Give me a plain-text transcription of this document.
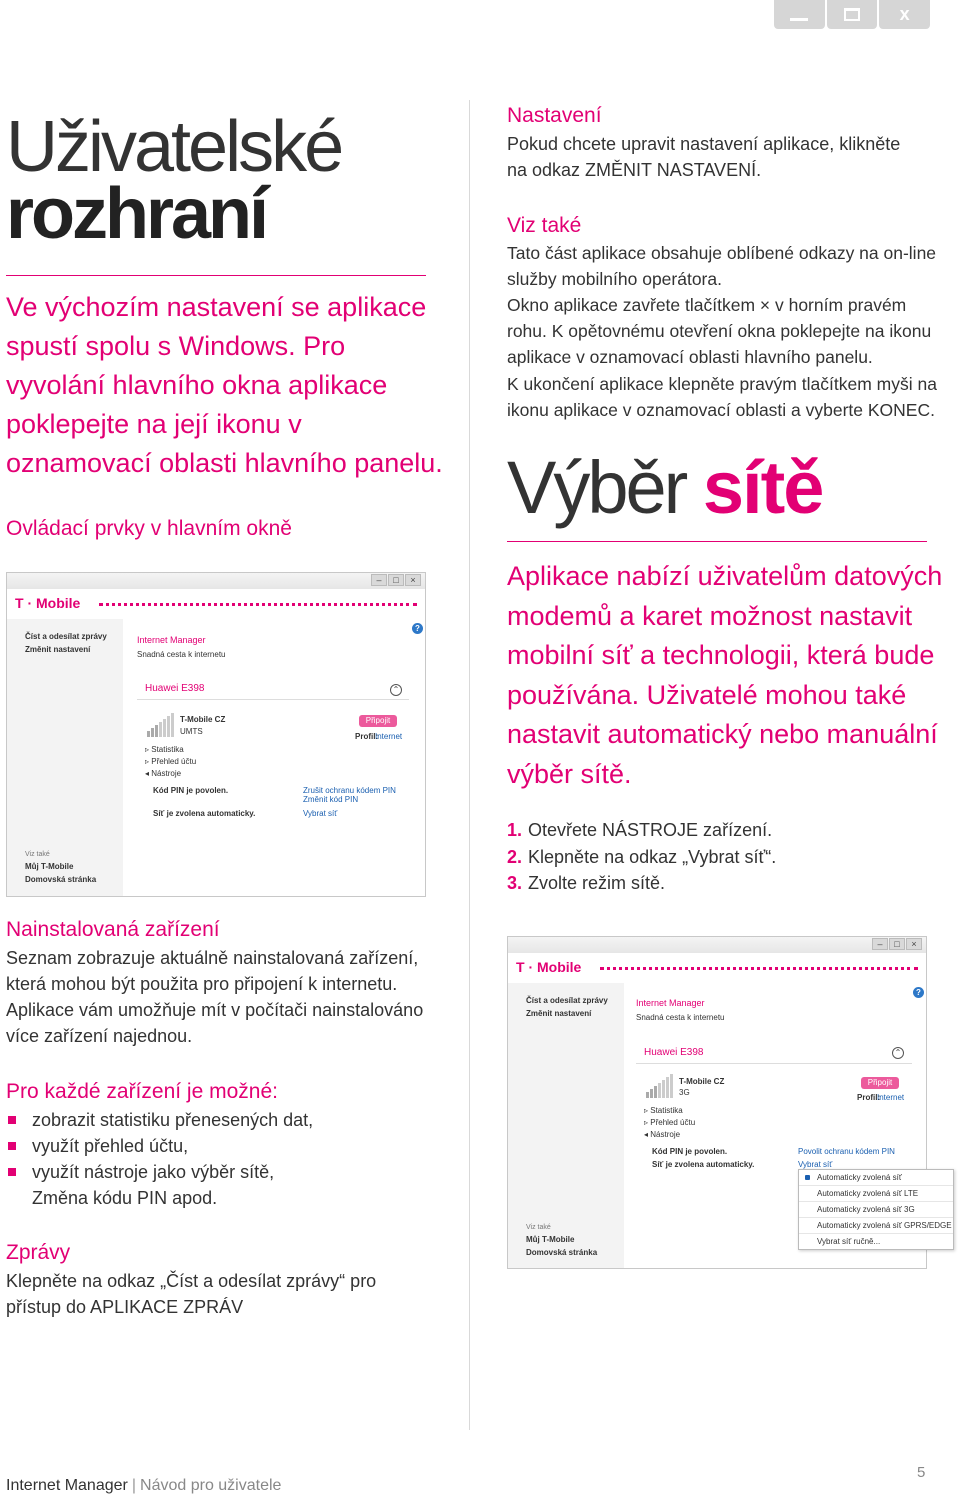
x
Uživatelské
rozhraní
Ve výchozím nastavení se aplikace spustí spolu s Windows. Pro vyvolání hlavního okna aplikace poklepejte na její ikonu v oznamovací oblasti hlavního panelu.
Ovládací prvky v hlavním okně
–	□	×
T · Mobile
Číst a odesílat zprávy
Změnit nastavení
?
Internet Manager
Snadná cesta k internetu
Huawei E398	⌃
T-Mobile CZ
UMTS
Připojit
Profil:
Internet
▹ Statistika
▹ Přehled účtu
◂ Nástroje
Kód PIN je povolen.	Zrušit ochranu kódem PIN
Změnit kód PIN
Síť je zvolena automaticky.	Vybrat síť
Viz také
Můj T-Mobile
Domovská stránka
Nainstalovaná zařízení
Seznam zobrazuje aktuálně nainstalovaná zařízení, která mohou být použita pro připojení k internetu. Aplikace vám umožňuje mít v počítači nainstalováno více zařízení najednou.
Pro každé zařízení je možné:
zobrazit statistiku přenesených dat,
využít přehled účtu,
využít nástroje jako výběr sítě,
Změna kódu PIN apod.
Zprávy
Klepněte na odkaz „Číst a odesílat zprávy“ pro přístup do APLIKACE ZPRÁV
Nastavení
Pokud chcete upravit nastavení aplikace, klikněte na odkaz ZMĚNIT NASTAVENÍ.
Viz také
Tato část aplikace obsahuje oblíbené odkazy na on-line služby mobilního operátora.
Okno aplikace zavřete tlačítkem × v horním pravém rohu. K opětovnému otevření okna poklepejte na ikonu aplikace v oznamovací oblasti hlavního panelu.
K ukončení aplikace klepněte pravým tlačítkem myši na ikonu aplikace v oznamovací oblasti a vyberte KONEC.
Výběr sítě
Aplikace nabízí uživatelům datových modemů a karet možnost nastavit mobilní síť a technologii, která bude používána. Uživatelé mohou také nastavit automatický nebo manuální výběr sítě.
1. Otevřete NÁSTROJE zařízení.
2. Klepněte na odkaz „Vybrat síť“.
3. Zvolte režim sítě.
–	□	×
T · Mobile
Číst a odesílat zprávy
Změnit nastavení
?
Internet Manager
Snadná cesta k internetu
Huawei E398	⌃
T-Mobile CZ
3G
Připojit
Profil:
Internet
▹ Statistika
▹ Přehled účtu
◂ Nástroje
Kód PIN je povolen.	Povolit ochranu kódem PIN
Síť je zvolena automaticky.	Vybrat síť
Automaticky zvolená síť
Automaticky zvolená síť LTE
Automaticky zvolená síť 3G
Automaticky zvolená síť GPRS/EDGE
Vybrat síť ručně...
Viz také
Můj T-Mobile
Domovská stránka
Internet Manager | Návod pro uživatele
5
